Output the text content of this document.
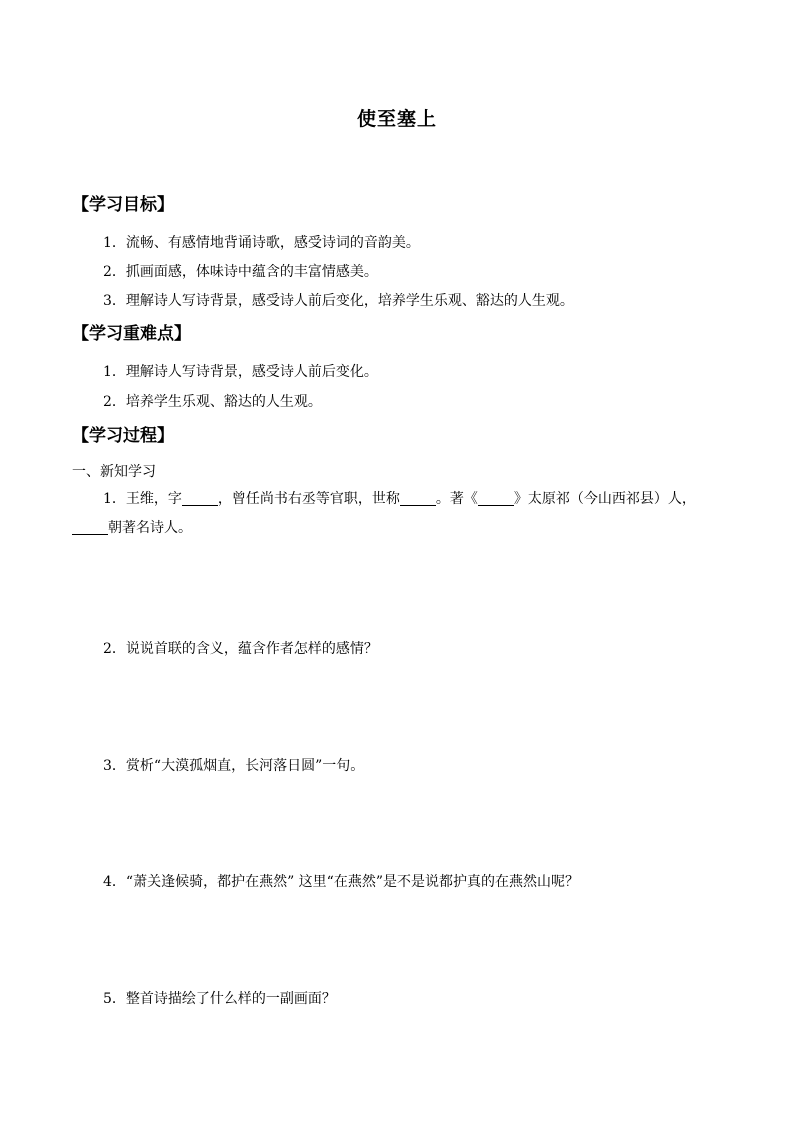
使至塞上
【学习目标】
1．流畅、有感情地背诵诗歌，感受诗词的音韵美。
2．抓画面感，体味诗中蕴含的丰富情感美。
3．理解诗人写诗背景，感受诗人前后变化，培养学生乐观、豁达的人生观。
【学习重难点】
1．理解诗人写诗背景，感受诗人前后变化。
2．培养学生乐观、豁达的人生观。
【学习过程】
一、新知学习
1．王维，字	，曾任尚书右丞等官职，世称	。著《	》太原祁（今山西祁县）人，朝著名诗人。
2．说说首联的含义，蕴含作者怎样的感情？
3．赏析“大漠孤烟直，长河落日圆”一句。
4．“萧关逢候骑，都护在燕然” 这里“在燕然”是不是说都护真的在燕然山呢？
5．整首诗描绘了什么样的一副画面？
